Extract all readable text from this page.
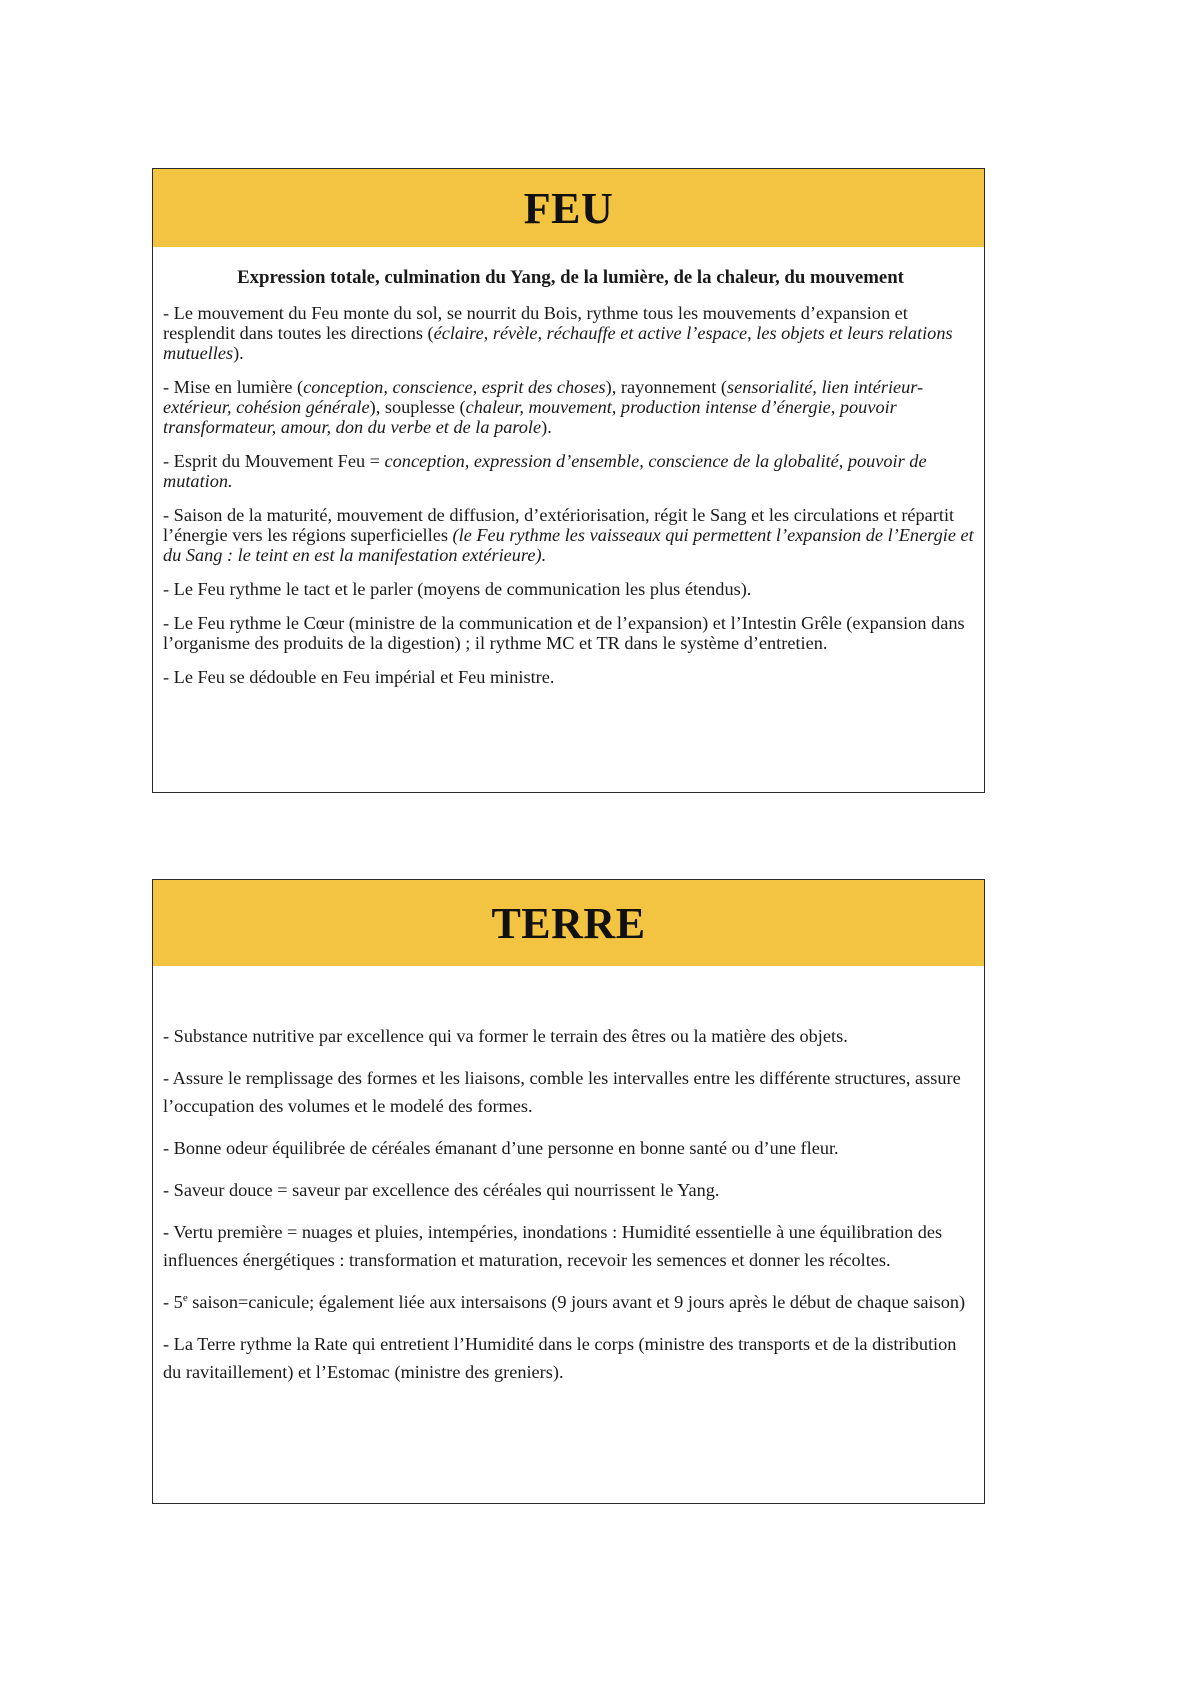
FEU

Expression totale, culmination du Yang, de la lumière, de la chaleur, du mouvement

- Le mouvement du Feu monte du sol, se nourrit du Bois, rythme tous les mouvements d’expansion et resplendit dans toutes les directions (éclaire, révèle, réchauffe et active l’espace, les objets et leurs relations mutuelles).

- Mise en lumière (conception, conscience, esprit des choses), rayonnement (sensorialité, lien intérieur-extérieur, cohésion générale), souplesse (chaleur, mouvement, production intense d’énergie, pouvoir transformateur, amour, don du verbe et de la parole).

- Esprit du Mouvement Feu = conception, expression d’ensemble, conscience de la globalité, pouvoir de mutation.

- Saison de la maturité, mouvement de diffusion, d’extériorisation, régit le Sang et les circulations et répartit l’énergie vers les régions superficielles (le Feu rythme les vaisseaux qui permettent l’expansion de l’Energie et du Sang : le teint en est la manifestation extérieure).

- Le Feu rythme le tact et le parler (moyens de communication les plus étendus).

- Le Feu rythme le Cœur (ministre de la communication et de l’expansion) et l’Intestin Grêle (expansion dans l’organisme des produits de la digestion) ; il rythme MC et TR dans le système d’entretien.

- Le Feu se dédouble en Feu impérial et Feu ministre.

TERRE

- Substance nutritive par excellence qui va former le terrain des êtres ou la matière des objets.

- Assure le remplissage des formes et les liaisons, comble les intervalles entre les différente structures, assure l’occupation des volumes et le modelé des formes.

- Bonne odeur équilibrée de céréales émanant d’une personne en bonne santé ou d’une fleur.

- Saveur douce = saveur par excellence des céréales qui nourrissent le Yang.

- Vertu première = nuages et pluies, intempéries, inondations : Humidité essentielle à une équilibration des influences énergétiques : transformation et maturation, recevoir les semences et donner les récoltes.

- 5e saison=canicule; également liée aux intersaisons (9 jours avant et 9 jours après le début de chaque saison)

- La Terre rythme la Rate qui entretient l’Humidité dans le corps (ministre des transports et de la distribution du ravitaillement) et l’Estomac (ministre des greniers).
